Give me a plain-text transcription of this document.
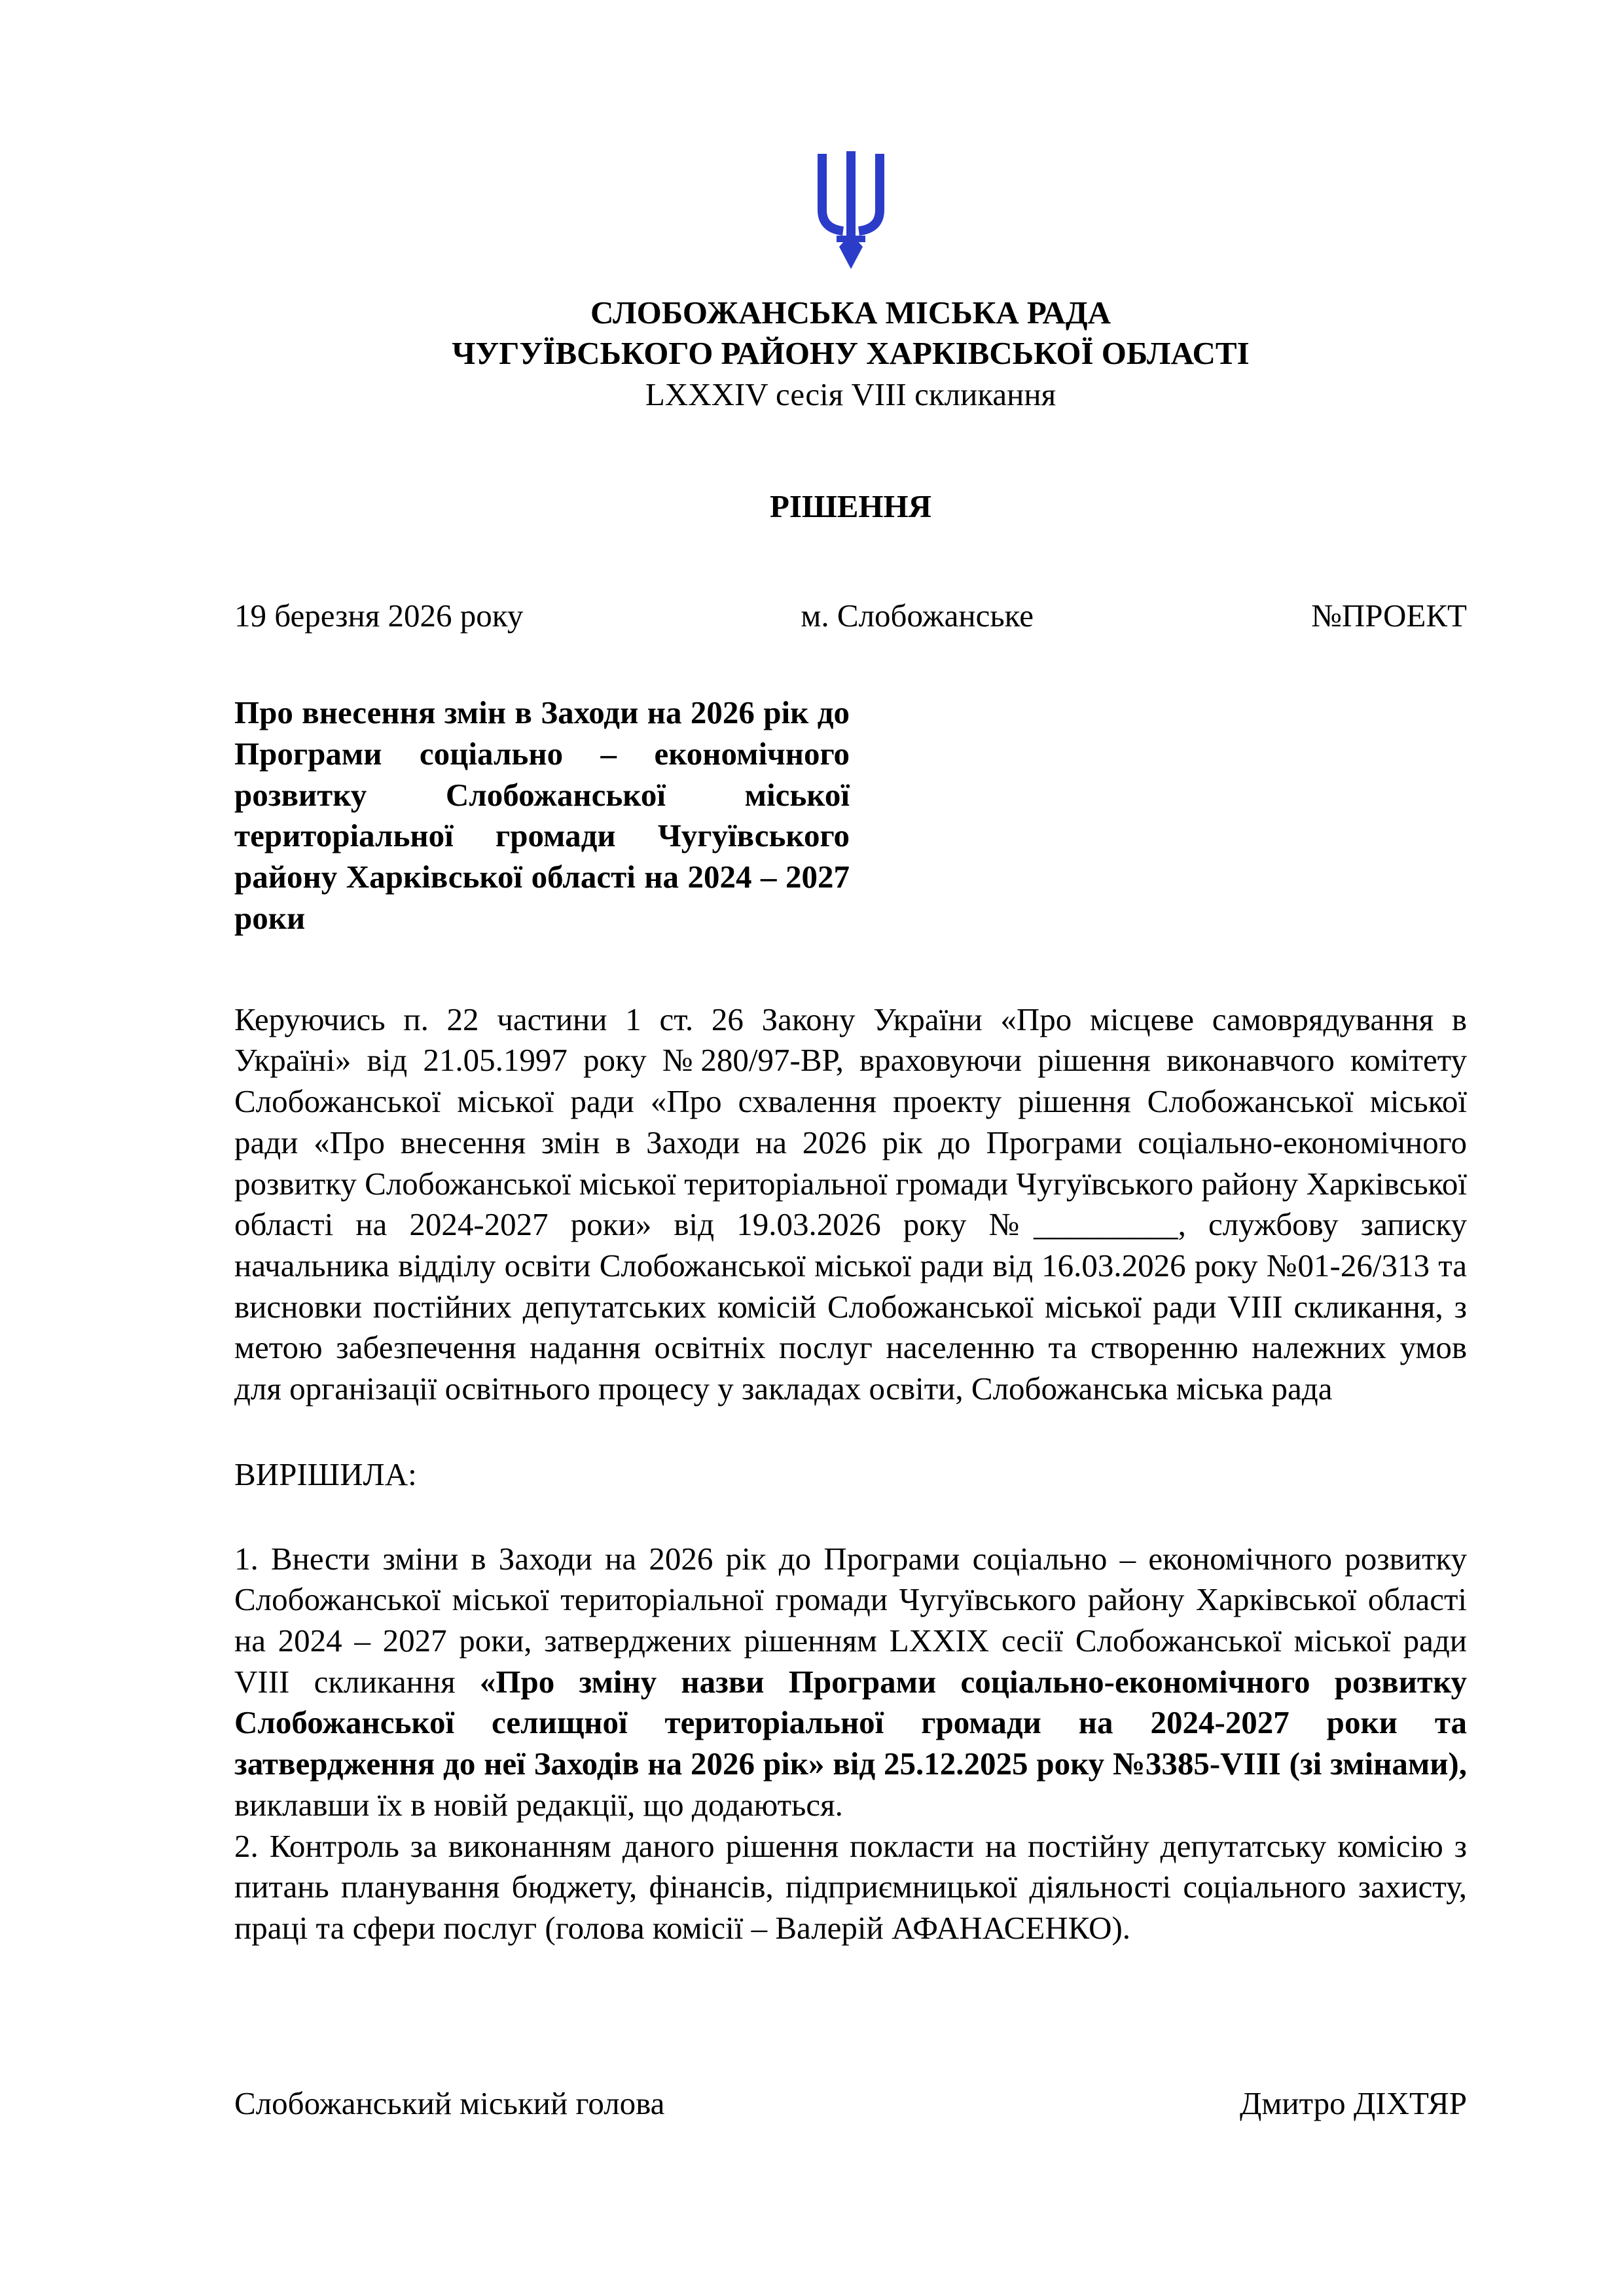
СЛОБОЖАНСЬКА МІСЬКА РАДА
ЧУГУЇВСЬКОГО РАЙОНУ ХАРКІВСЬКОЇ ОБЛАСТІ
LXXXIV сесія VIII скликання
РІШЕННЯ
19 березня 2026 року	м. Слобожанське	№ПРОЕКТ
Про внесення змін в Заходи на 2026 рік до Програми соціально – економічного розвитку Слобожанської міської територіальної громади Чугуївського району Харківської області на 2024 – 2027 роки

Керуючись п. 22 частини 1 ст. 26 Закону України «Про місцеве самоврядування в Україні» від 21.05.1997 року №280/97-ВР, враховуючи рішення виконавчого комітету Слобожанської міської ради «Про схвалення проекту рішення Слобожанської міської ради «Про внесення змін в Заходи на 2026 рік до Програми соціально-економічного розвитку Слобожанської міської територіальної громади Чугуївського району Харківської області на 2024-2027 роки» від 19.03.2026 року №_________, службову записку начальника відділу освіти Слобожанської міської ради від 16.03.2026 року №01-26/313 та висновки постійних депутатських комісій Слобожанської міської ради VIII скликання, з метою забезпечення надання освітніх послуг населенню та створенню належних умов для організації освітнього процесу у закладах освіти, Слобожанська міська рада

ВИРІШИЛА:

1. Внести зміни в Заходи на 2026 рік до Програми соціально – економічного розвитку Слобожанської міської територіальної громади Чугуївського району Харківської області на 2024 – 2027 роки, затверджених рішенням LXXIX сесії Слобожанської міської ради VIII скликання «Про зміну назви Програми соціально-економічного розвитку Слобожанської селищної територіальної громади на 2024-2027 роки та затвердження до неї Заходів на 2026 рік» від 25.12.2025 року №3385-VIII (зі змінами), виклавши їх в новій редакції, що додаються.

2. Контроль за виконанням даного рішення покласти на постійну депутатську комісію з питань планування бюджету, фінансів, підприємницької діяльності соціального захисту, праці та сфери послуг (голова комісії – Валерій АФАНАСЕНКО).

Слобожанський міський голова	Дмитро ДІХТЯР
